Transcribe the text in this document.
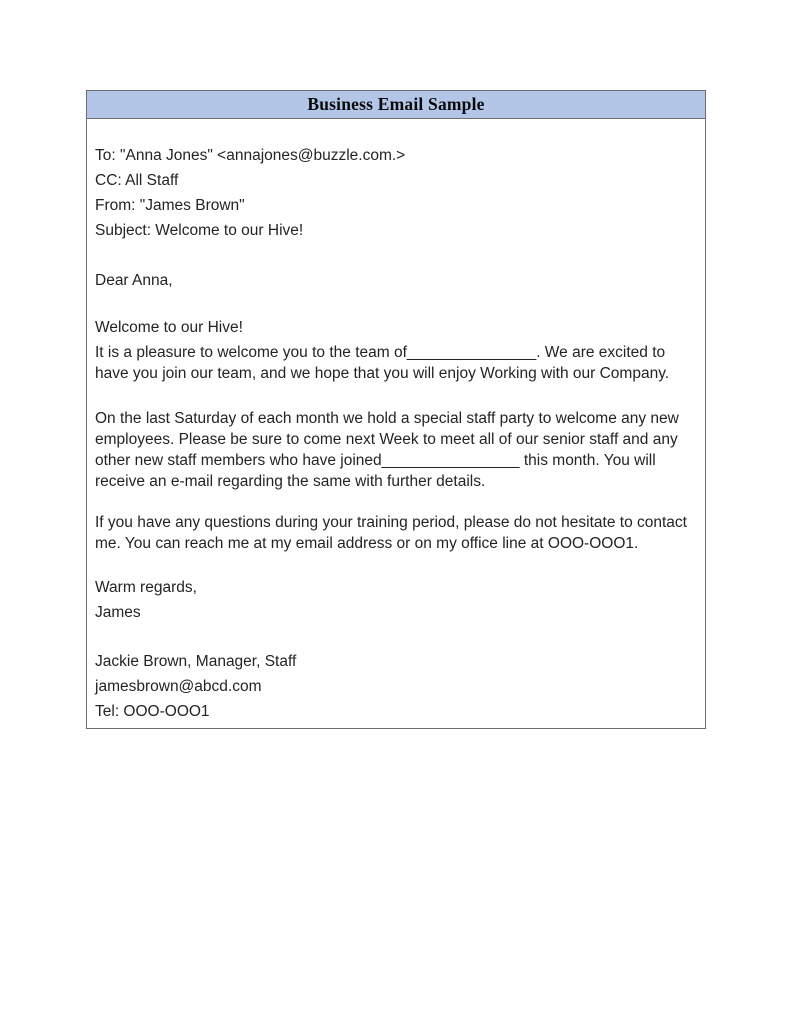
Business Email Sample

To: "Anna Jones" <annajones@buzzle.com.>

CC: All Staff

From: "James Brown"

Subject: Welcome to our Hive!

Dear Anna,

Welcome to our Hive!

It is a pleasure to welcome you to the team of_______________. We are excited to have you join our team, and we hope that you will enjoy Working with our Company.

On the last Saturday of each month we hold a special staff party to welcome any new employees. Please be sure to come next Week to meet all of our senior staff and any other new staff members who have joined________________ this month. You will receive an e-mail regarding the same with further details.

If you have any questions during your training period, please do not hesitate to contact me. You can reach me at my email address or on my office line at OOO-OOO1.

Warm regards,

James

Jackie Brown, Manager, Staff

jamesbrown@abcd.com

Tel: OOO-OOO1
